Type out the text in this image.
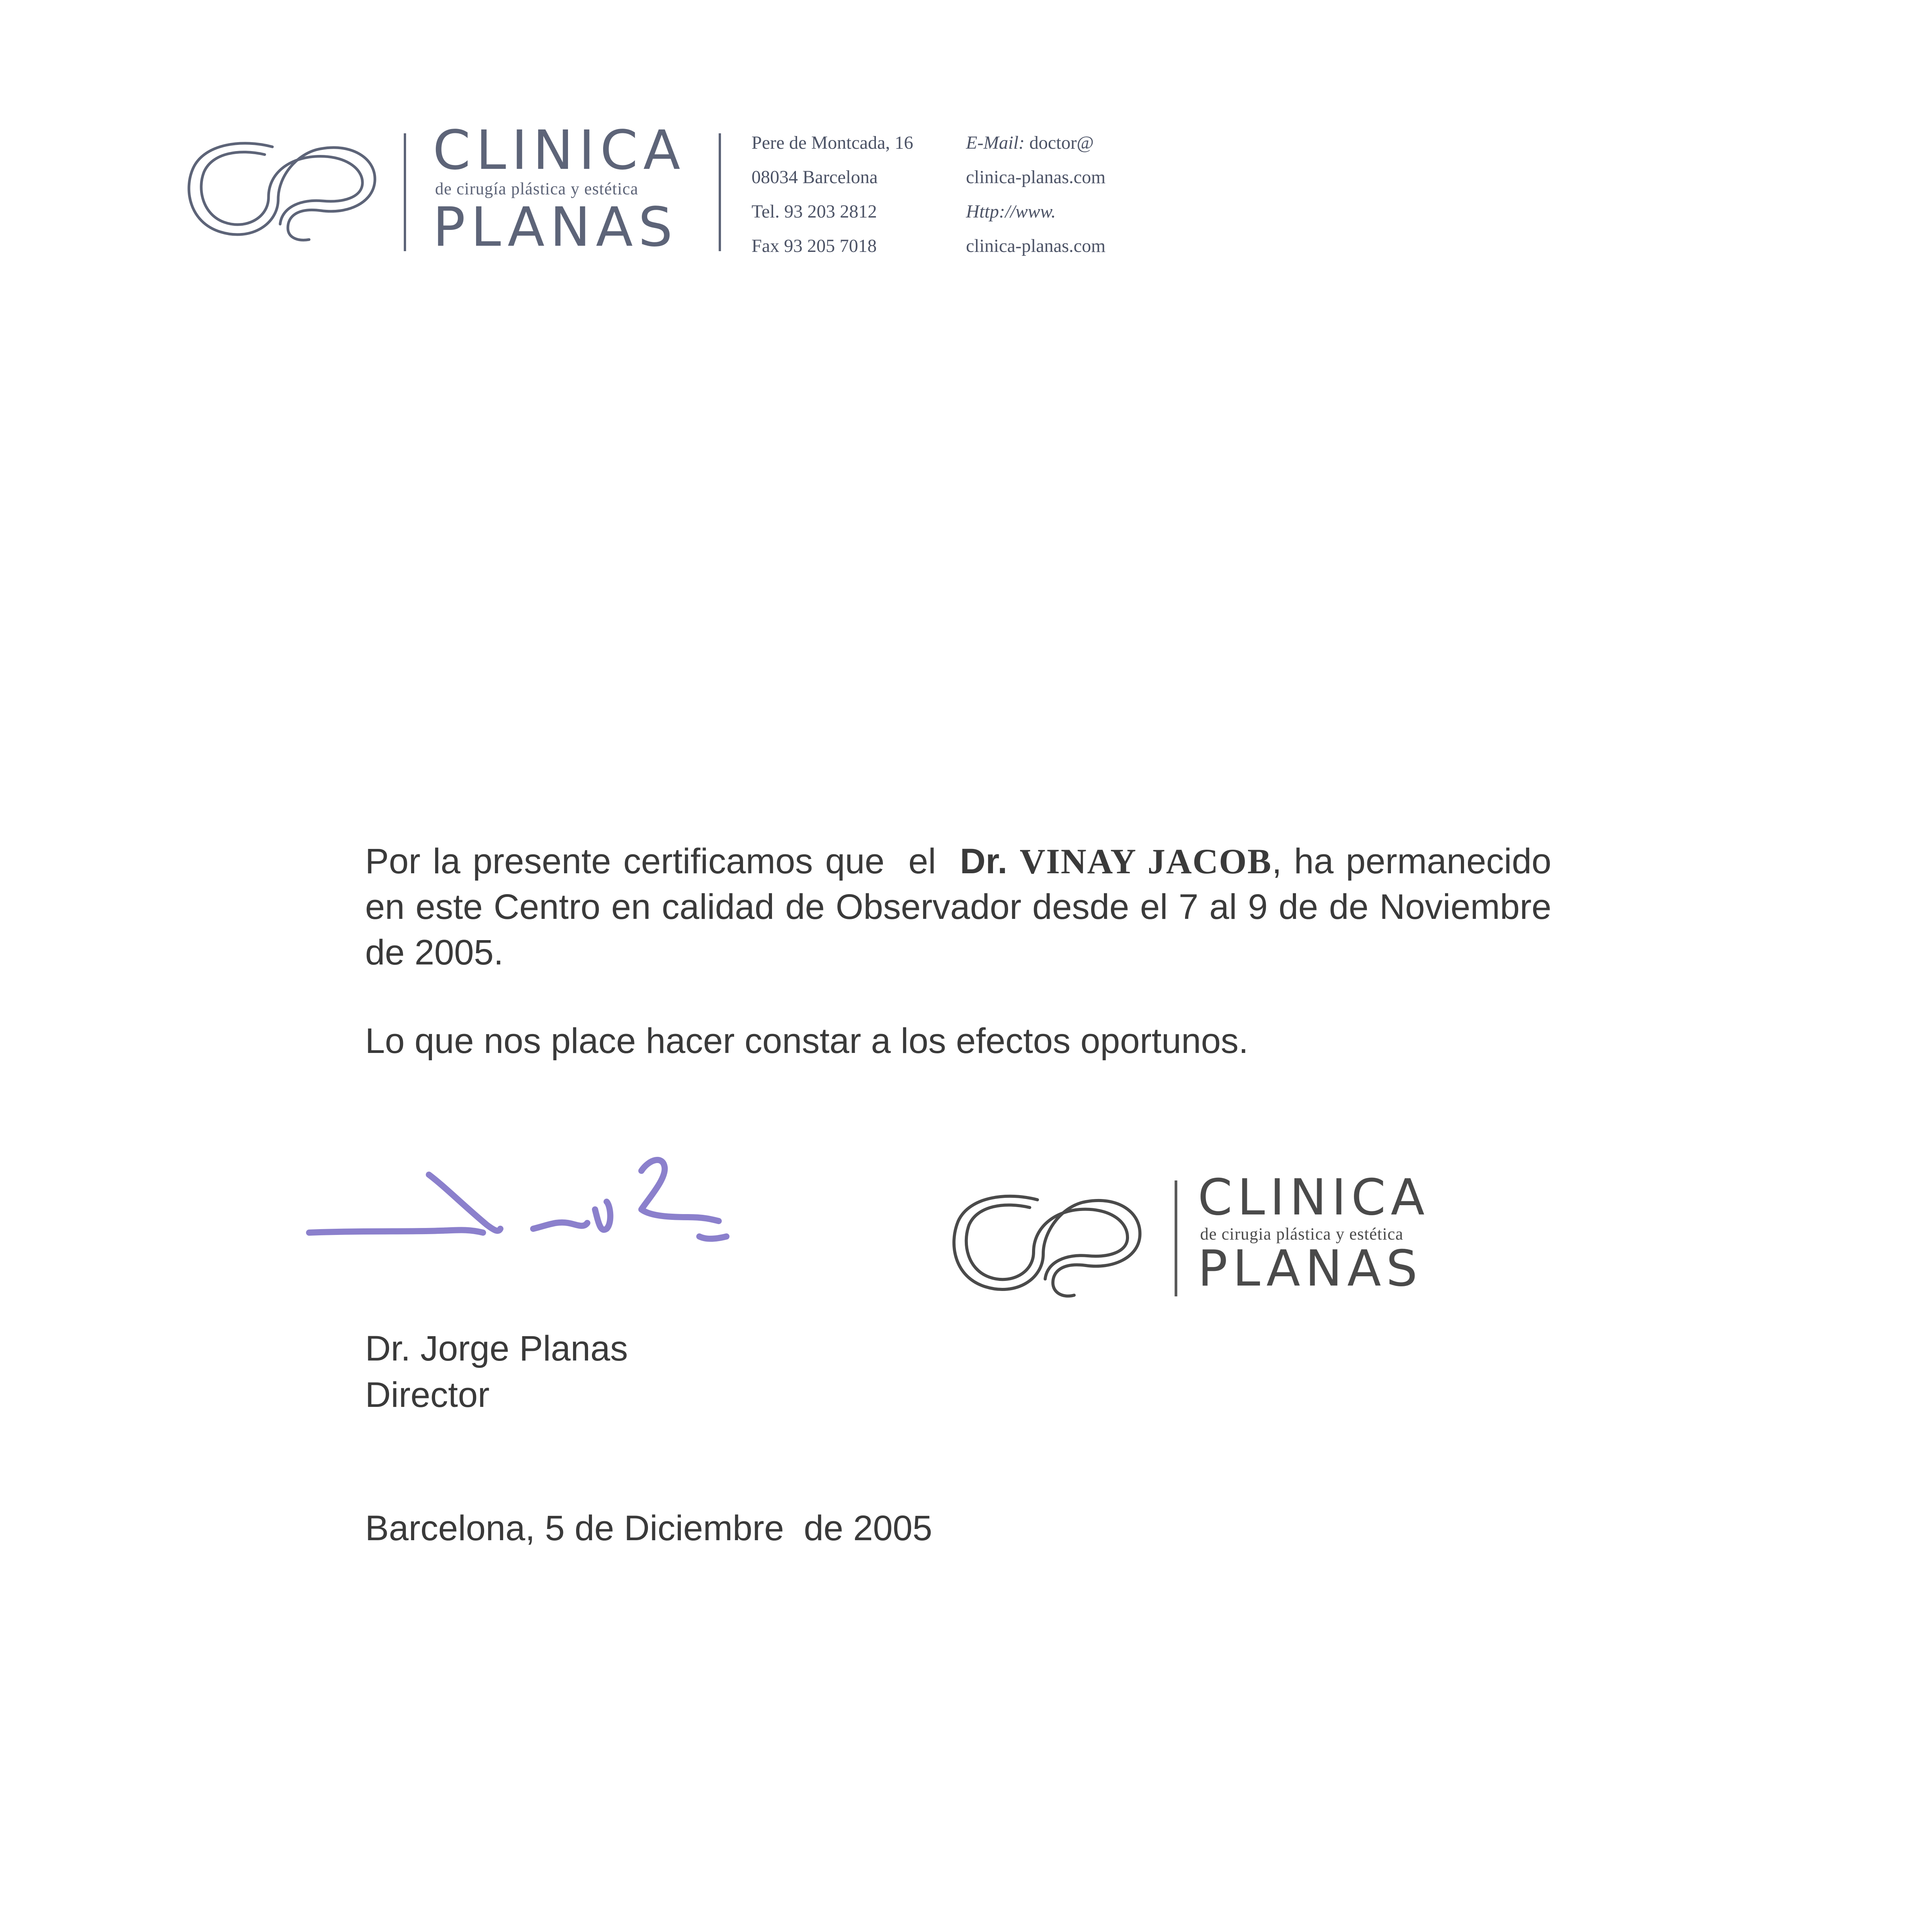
CLINICA
de cirugía plástica y estética
PLANAS
Pere de Montcada, 16
08034 Barcelona
Tel. 93 203 2812
Fax 93 205 7018
E-Mail: doctor@
clinica-planas.com
Http://www.
clinica-planas.com

Por la presente certificamos que el Dr. VINAY JACOB, ha permanecido en este Centro en calidad de Observador desde el 7 al 9 de de Noviembre de 2005.

Lo que nos place hacer constar a los efectos oportunos.

CLINICA
de cirugia plástica y estética
PLANAS
Dr. Jorge Planas
Director
Barcelona, 5 de Diciembre  de 2005
